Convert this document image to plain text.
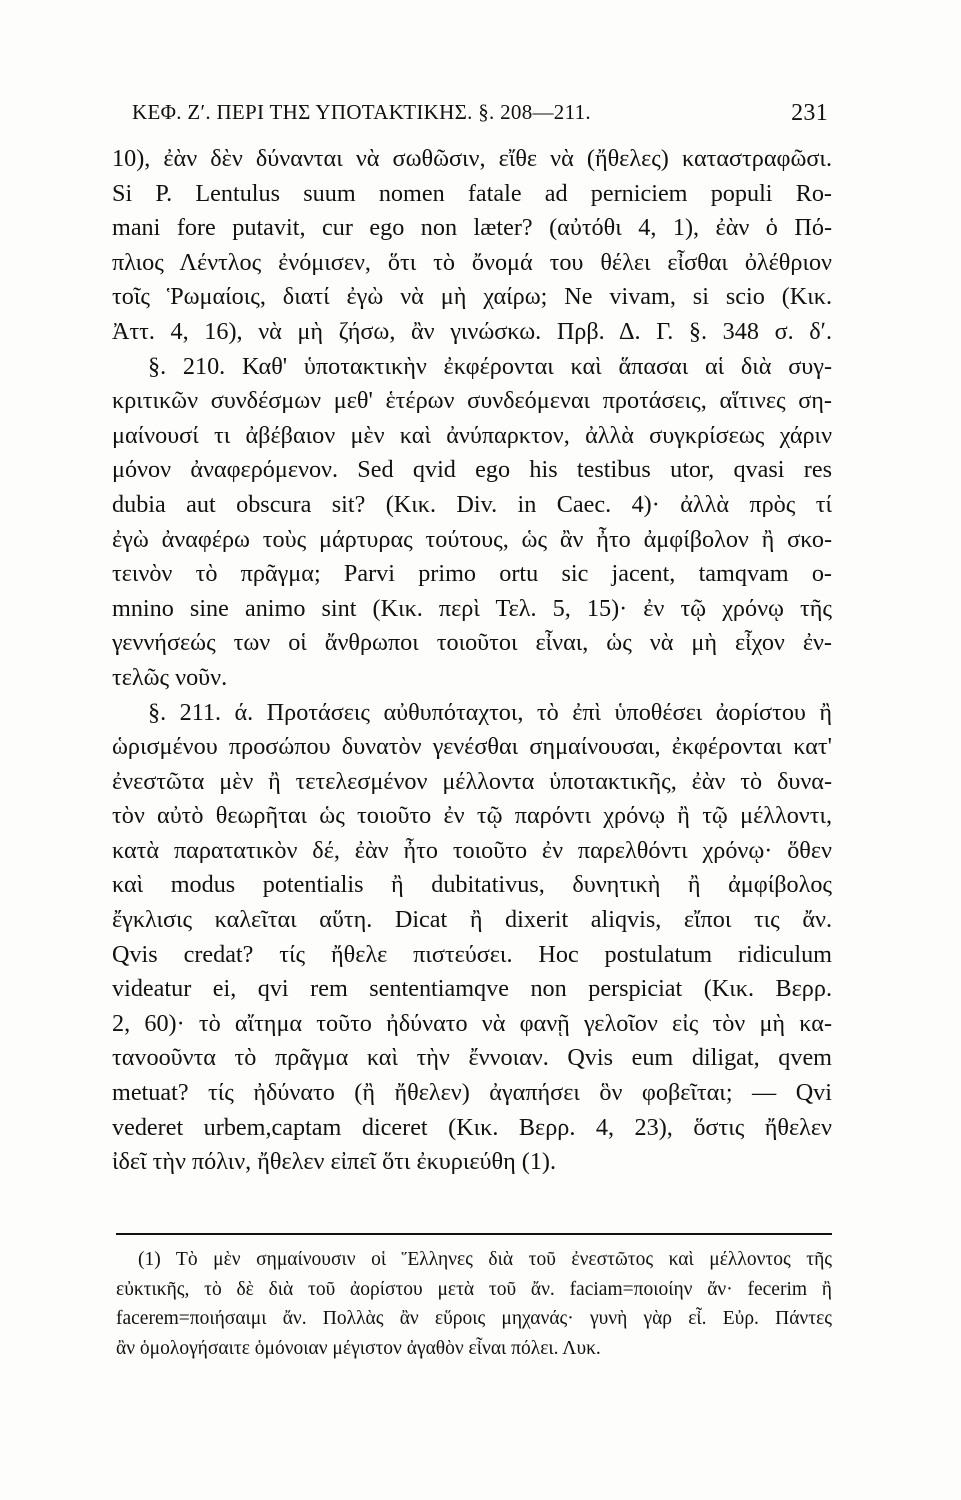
ΚΕΦ. Ζʹ. ΠΕΡΙ ΤΗΣ ΥΠΟΤΑΚΤΙΚΗΣ. §. 208—211.	231
10), ἐὰν δὲν δύνανται νὰ σωθῶσιν, εἴθε νὰ (ἤθελες) καταστραφῶσι.
Si P. Lentulus suum nomen fatale ad perniciem populi Ro-
mani fore putavit, cur ego non læter? (αὐτόθι 4, 1), ἐὰν ὁ Πό-
πλιος Λέντλος ἐνόμισεν, ὅτι τὸ ὄνομά του θέλει εἶσθαι ὀλέθριον
τοῖς Ῥωμαίοις, διατί ἐγὼ νὰ μὴ χαίρω; Ne vivam, si scio (Κικ.
Ἀττ. 4, 16), νὰ μὴ ζήσω, ἂν γινώσκω. Πρβ. Δ. Γ. §. 348 σ. δʹ.
§. 210. Καθ' ὑποτακτικὴν ἐκφέρονται καὶ ἅπασαι αἱ διὰ συγ-
κριτικῶν συνδέσμων μεθ' ἑτέρων συνδεόμεναι προτάσεις, αἵτινες ση-
μαίνουσί τι ἀβέβαιον μὲν καὶ ἀνύπαρκτον, ἀλλὰ συγκρίσεως χάριν
μόνον ἀναφερόμενον. Sed qvid ego his testibus utor, qvasi res
dubia aut obscura sit? (Κικ. Div. in Caec. 4)· ἀλλὰ πρὸς τί
ἐγὼ ἀναφέρω τοὺς μάρτυρας τούτους, ὡς ἂν ἦτο ἀμφίβολον ἢ σκο-
τεινὸν τὸ πρᾶγμα; Parvi primo ortu sic jacent, tamqvam o-
mnino sine animo sint (Κικ. περὶ Τελ. 5, 15)· ἐν τῷ χρόνῳ τῆς
γεννήσεώς των οἱ ἄνθρωποι τοιοῦτοι εἶναι, ὡς νὰ μὴ εἶχον ἐν-
τελῶς νοῦν.
§. 211. ά. Προτάσεις αὐθυπόταχτοι, τὸ ἐπὶ ὑποθέσει ἀορίστου ἢ
ὡρισμένου προσώπου δυνατὸν γενέσθαι σημαίνουσαι, ἐκφέρονται κατ'
ἐνεστῶτα μὲν ἢ τετελεσμένον μέλλοντα ὑποτακτικῆς, ἐὰν τὸ δυνα-
τὸν αὐτὸ θεωρῆται ὡς τοιοῦτο ἐν τῷ παρόντι χρόνῳ ἢ τῷ μέλλοντι,
κατὰ παρατατικὸν δέ, ἐὰν ἦτο τοιοῦτο ἐν παρελθόντι χρόνῳ· ὅθεν
καὶ modus potentialis ἢ dubitativus, δυνητικὴ ἢ ἀμφίβολος
ἔγκλισις καλεῖται αὕτη. Dicat ἢ dixerit aliqvis, εἴποι τις ἄν.
Qvis credat? τίς ἤθελε πιστεύσει. Hoc postulatum ridiculum
videatur ei, qvi rem sententiamqve non perspiciat (Κικ. Βερρ.
2, 60)· τὸ αἴτημα τοῦτο ἠδύνατο νὰ φανῇ γελοῖον εἰς τὸν μὴ κα-
ταvooῦντα τὸ πρᾶγμα καὶ τὴν ἔννοιαν. Qvis eum diligat, qvem
metuat? τίς ἠδύνατο (ἢ ἤθελεν) ἀγαπήσει ὃν φοβεῖται; — Qvi
vederet urbem,captam diceret (Κικ. Βερρ. 4, 23), ὅστις ἤθελεν
ἰδεῖ τὴν πόλιν, ἤθελεν εἰπεῖ ὅτι ἐκυριεύθη (1).
(1) Τὸ μὲν σημαίνουσιν οἱ Ἕλληνες διὰ τοῦ ἐνεστῶτος καὶ μέλλοντος τῆς
εὐκτικῆς, τὸ δὲ διὰ τοῦ ἀορίστου μετὰ τοῦ ἄν. faciam=ποιοίην ἄν· fecerim ἢ
facerem=ποιήσαιμι ἄν. Πολλὰς ἂν εὕροις μηχανάς· γυνὴ γὰρ εἶ. Εὐρ. Πάντες
ἂν ὁμολογήσαιτε ὁμόνοιαν μέγιστον ἀγαθὸν εἶναι πόλει. Λυκ.
